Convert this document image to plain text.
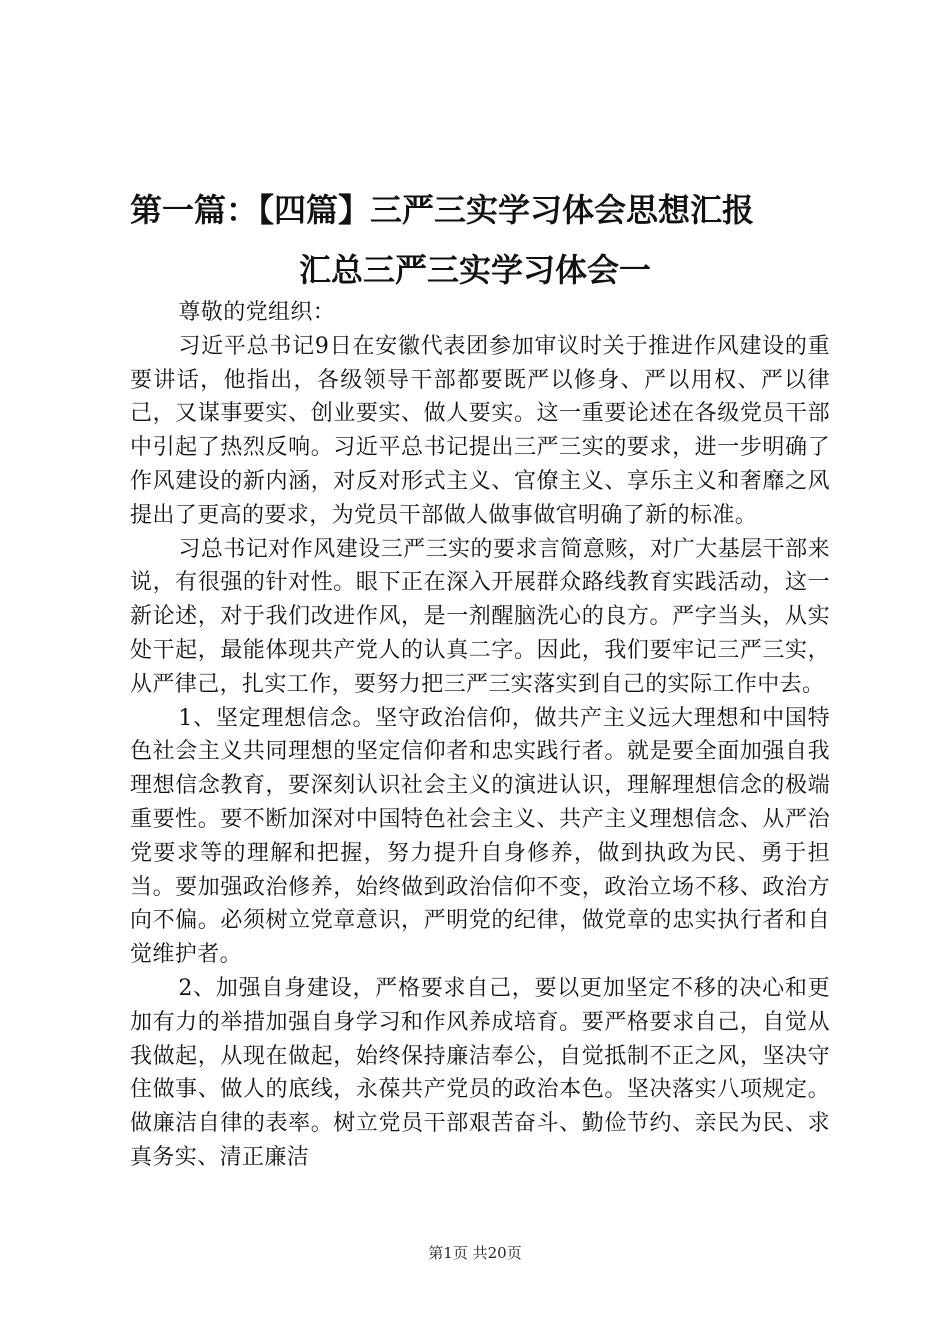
第一篇：【四篇】三严三实学习体会思想汇报
汇总三严三实学习体会一

尊敬的党组织：

习近平总书记9日在安徽代表团参加审议时关于推进作风建设的重要讲话，他指出，各级领导干部都要既严以修身、严以用权、严以律己，又谋事要实、创业要实、做人要实。这一重要论述在各级党员干部中引起了热烈反响。习近平总书记提出三严三实的要求，进一步明确了作风建设的新内涵，对反对形式主义、官僚主义、享乐主义和奢靡之风提出了更高的要求，为党员干部做人做事做官明确了新的标准。

习总书记对作风建设三严三实的要求言简意赅，对广大基层干部来说，有很强的针对性。眼下正在深入开展群众路线教育实践活动，这一新论述，对于我们改进作风，是一剂醒脑洗心的良方。严字当头，从实处干起，最能体现共产党人的认真二字。因此，我们要牢记三严三实，从严律己，扎实工作，要努力把三严三实落实到自己的实际工作中去。

1、坚定理想信念。坚守政治信仰，做共产主义远大理想和中国特色社会主义共同理想的坚定信仰者和忠实践行者。就是要全面加强自我理想信念教育，要深刻认识社会主义的演进认识，理解理想信念的极端重要性。要不断加深对中国特色社会主义、共产主义理想信念、从严治党要求等的理解和把握，努力提升自身修养，做到执政为民、勇于担当。要加强政治修养，始终做到政治信仰不变，政治立场不移、政治方向不偏。必须树立党章意识，严明党的纪律，做党章的忠实执行者和自觉维护者。

2、加强自身建设，严格要求自己，要以更加坚定不移的决心和更加有力的举措加强自身学习和作风养成培育。要严格要求自己，自觉从我做起，从现在做起，始终保持廉洁奉公，自觉抵制不正之风，坚决守住做事、做人的底线，永葆共产党员的政治本色。坚决落实八项规定。做廉洁自律的表率。树立党员干部艰苦奋斗、勤俭节约、亲民为民、求真务实、清正廉洁

第1页 共20页
